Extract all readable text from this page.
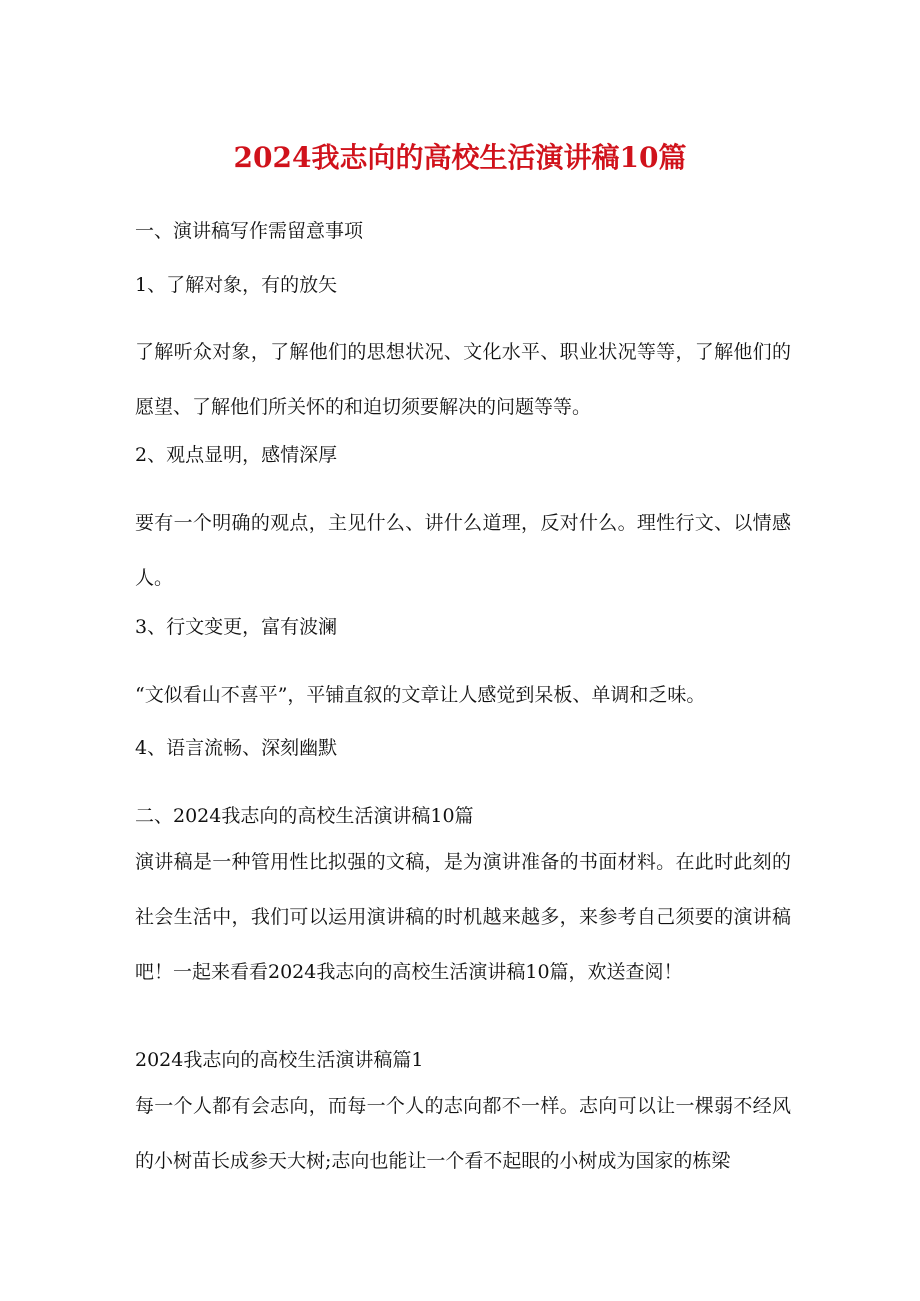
2024我志向的高校生活演讲稿10篇
一、演讲稿写作需留意事项
1、了解对象，有的放矢
了解听众对象，了解他们的思想状况、文化水平、职业状况等等，了解他们的愿望、了解他们所关怀的和迫切须要解决的问题等等。
2、观点显明，感情深厚
要有一个明确的观点，主见什么、讲什么道理，反对什么。理性行文、以情感人。
3、行文变更，富有波澜
“文似看山不喜平”，平铺直叙的文章让人感觉到呆板、单调和乏味。
4、语言流畅、深刻幽默
二、2024我志向的高校生活演讲稿10篇
演讲稿是一种管用性比拟强的文稿，是为演讲准备的书面材料。在此时此刻的社会生活中，我们可以运用演讲稿的时机越来越多，来参考自己须要的演讲稿吧！一起来看看2024我志向的高校生活演讲稿10篇，欢送查阅！
2024我志向的高校生活演讲稿篇1
每一个人都有会志向，而每一个人的志向都不一样。志向可以让一棵弱不经风的小树苗长成参天大树;志向也能让一个看不起眼的小树成为国家的栋梁
